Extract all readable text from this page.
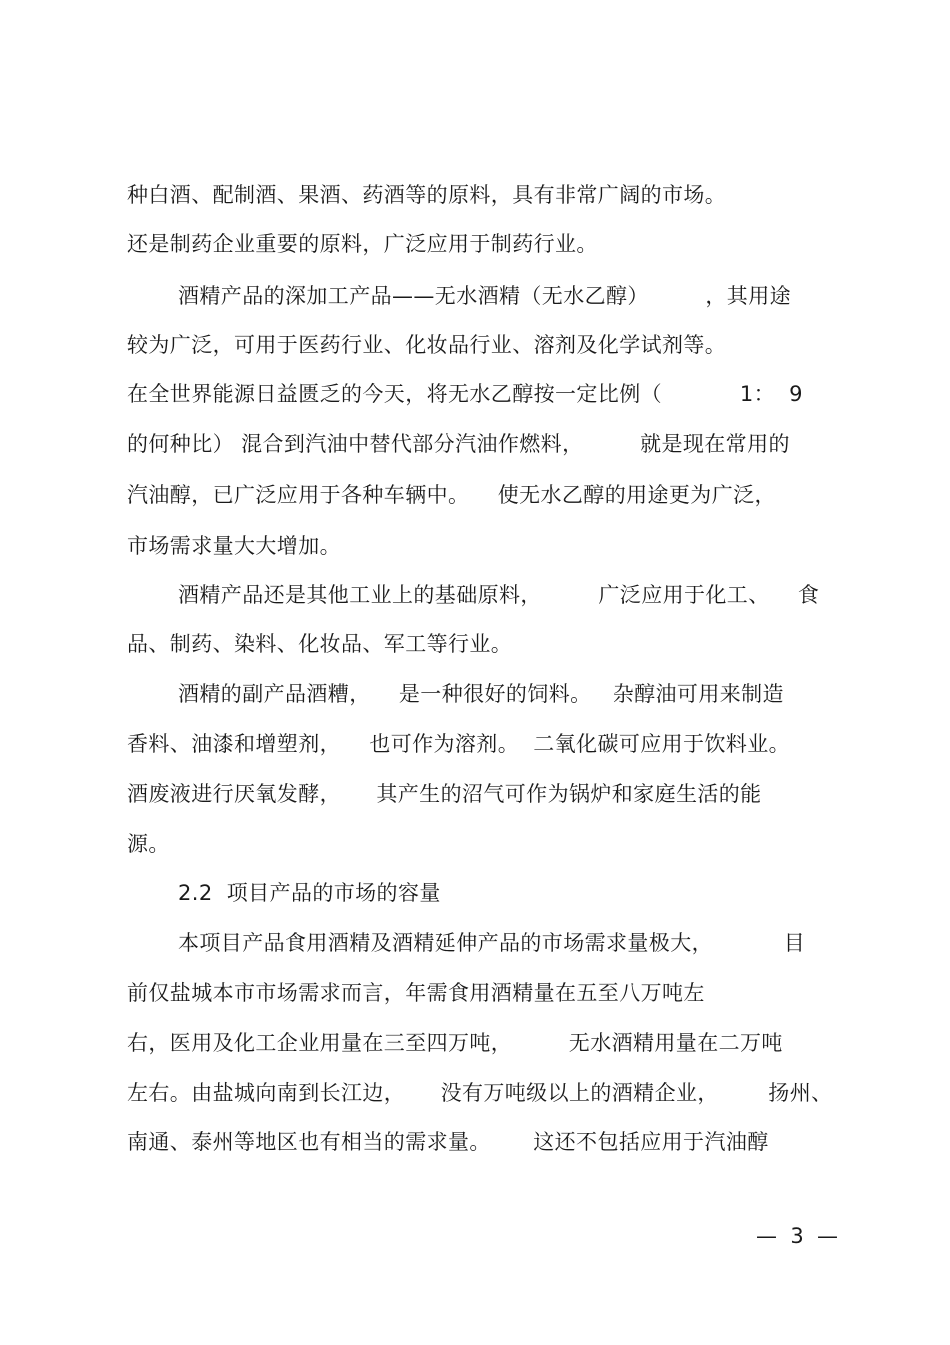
种白酒、配制酒、果酒、药酒等的原料，具有非常广阔的市场。
还是制药企业重要的原料，广泛应用于制药行业。
酒精产品的深加工产品——无水酒精（无水乙醇）        ，其用途
较为广泛，可用于医药行业、化妆品行业、溶剂及化学试剂等。
在全世界能源日益匮乏的今天，将无水乙醇按一定比例（           1：  9
的何种比） 混合到汽油中替代部分汽油作燃料，        就是现在常用的
汽油醇，已广泛应用于各种车辆中。    使无水乙醇的用途更为广泛，
市场需求量大大增加。
酒精产品还是其他工业上的基础原料，        广泛应用于化工、    食
品、制药、染料、化妆品、军工等行业。
酒精的副产品酒糟，    是一种很好的饲料。   杂醇油可用来制造
香料、油漆和增塑剂，    也可作为溶剂。  二氧化碳可应用于饮料业。
酒废液进行厌氧发酵，     其产生的沼气可作为锅炉和家庭生活的能
源。
2.2  项目产品的市场的容量
本项目产品食用酒精及酒精延伸产品的市场需求量极大，          目
前仅盐城本市市场需求而言，年需食用酒精量在五至八万吨左
右，医用及化工企业用量在三至四万吨，        无水酒精用量在二万吨
左右。由盐城向南到长江边，     没有万吨级以上的酒精企业，       扬州、
南通、泰州等地区也有相当的需求量。      这还不包括应用于汽油醇
—  3  —
